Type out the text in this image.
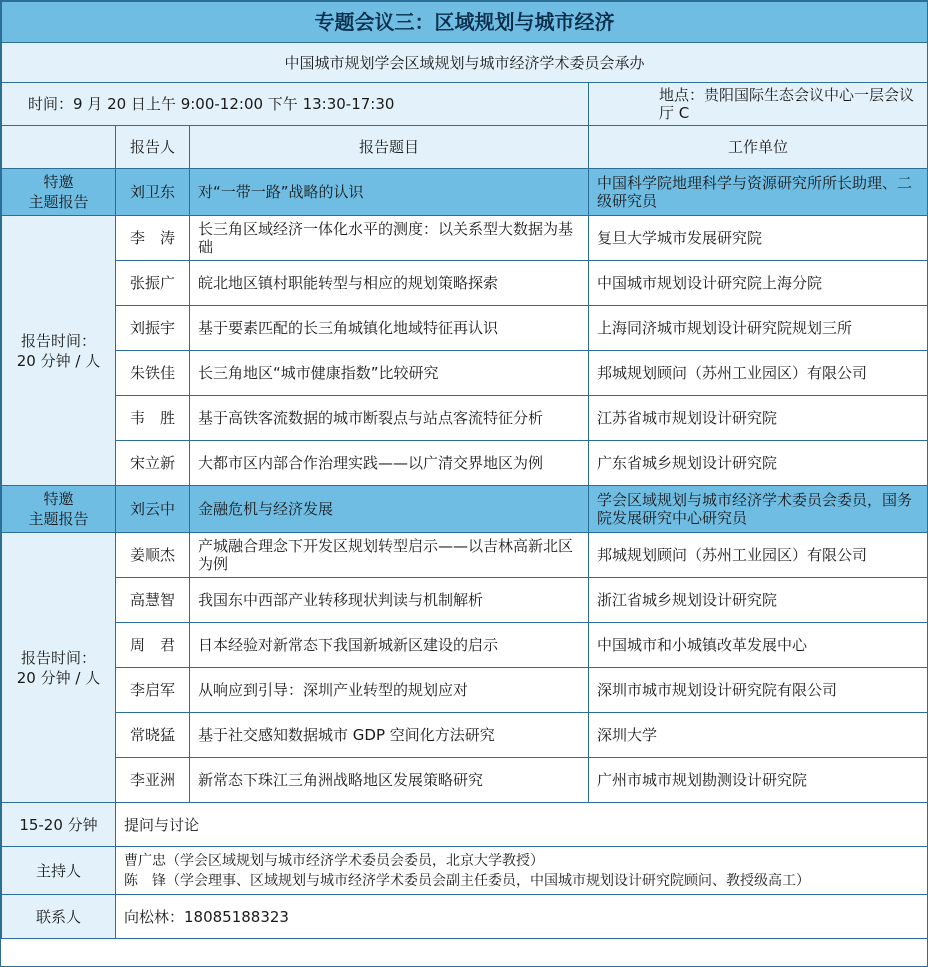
专题会议三：区域规划与城市经济			
中国城市规划学会区域规划与城市经济学术委员会承办			
时间：9 月 20 日上午 9:00-12:00 下午 13:30-17:30			地点：贵阳国际生态会议中心一层会议厅 C
	报告人	报告题目	工作单位
特邀
主题报告	刘卫东	对“一带一路”战略的认识	中国科学院地理科学与资源研究所所长助理、二级研究员
报告时间：
20 分钟 / 人	李　涛	长三角区域经济一体化水平的测度：以关系型大数据为基础	复旦大学城市发展研究院
	张振广	皖北地区镇村职能转型与相应的规划策略探索	中国城市规划设计研究院上海分院
	刘振宇	基于要素匹配的长三角城镇化地域特征再认识	上海同济城市规划设计研究院规划三所
	朱铁佳	长三角地区“城市健康指数”比较研究	邦城规划顾问（苏州工业园区）有限公司
	韦　胜	基于高铁客流数据的城市断裂点与站点客流特征分析	江苏省城市规划设计研究院
	宋立新	大都市区内部合作治理实践——以广清交界地区为例	广东省城乡规划设计研究院
特邀
主题报告	刘云中	金融危机与经济发展	学会区域规划与城市经济学术委员会委员，国务院发展研究中心研究员
报告时间：
20 分钟 / 人	姜顺杰	产城融合理念下开发区规划转型启示——以吉林高新北区为例	邦城规划顾问（苏州工业园区）有限公司
	高慧智	我国东中西部产业转移现状判读与机制解析	浙江省城乡规划设计研究院
	周　君	日本经验对新常态下我国新城新区建设的启示	中国城市和小城镇改革发展中心
	李启军	从响应到引导：深圳产业转型的规划应对	深圳市城市规划设计研究院有限公司
	常晓猛	基于社交感知数据城市 GDP 空间化方法研究	深圳大学
	李亚洲	新常态下珠江三角洲战略地区发展策略研究	广州市城市规划勘测设计研究院
15-20 分钟	提问与讨论		
主持人	曹广忠（学会区域规划与城市经济学术委员会委员，北京大学教授）
陈　锋（学会理事、区域规划与城市经济学术委员会副主任委员，中国城市规划设计研究院顾问、教授级高工）		
联系人	向松林：18085188323		
